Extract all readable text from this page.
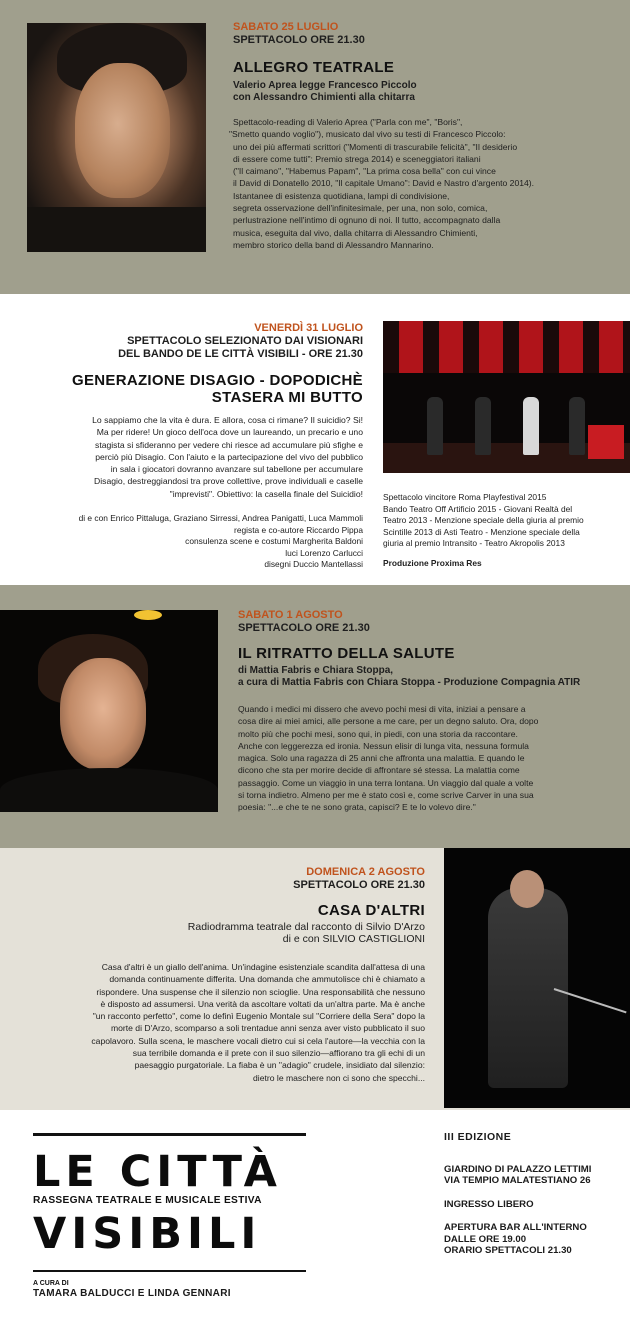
SABATO 25 LUGLIO
SPETTACOLO ORE 21.30
ALLEGRO TEATRALE
Valerio Aprea legge Francesco Piccolo
con Alessandro Chimienti alla chitarra
Spettacolo-reading di Valerio Aprea ("Parla con me", "Boris",
"Smetto quando voglio"), musicato dal vivo su testi di Francesco Piccolo:
uno dei più affermati scrittori ("Momenti di trascurabile felicità", "Il desiderio
di essere come tutti": Premio strega 2014) e sceneggiatori italiani
("Il caimano", "Habemus Papam", "La prima cosa bella" con cui vince
il David di Donatello 2010, "Il capitale Umano": David e Nastro d'argento 2014).
Istantanee di esistenza quotidiana, lampi di condivisione,
segreta osservazione dell'infinitesimale, per una, non solo, comica,
perlustrazione nell'intimo di ognuno di noi. Il tutto, accompagnato dalla
musica, eseguita dal vivo, dalla chitarra di Alessandro Chimienti,
membro storico della band di Alessandro Mannarino.
VENERDÌ 31 LUGLIO
SPETTACOLO SELEZIONATO DAI VISIONARI
DEL BANDO DE LE CITTÀ VISIBILI - ORE 21.30
GENERAZIONE DISAGIO - DOPODICHÈ
STASERA MI BUTTO
Lo sappiamo che la vita è dura. E allora, cosa ci rimane? Il suicidio? Si!
Ma per ridere! Un gioco dell'oca dove un laureando, un precario e uno
stagista si sfideranno per vedere chi riesce ad accumulare più sfighe e
perciò più Disagio. Con l'aiuto e la partecipazione del vivo del pubblico
in sala i giocatori dovranno avanzare sul tabellone per accumulare
Disagio, destreggiandosi tra prove collettive, prove individuali e caselle
"imprevisti". Obiettivo: la casella finale del Suicidio!
di e con Enrico Pittaluga, Graziano Sirressi, Andrea Panigatti, Luca Mammoli
regista e co-autore Riccardo Pippa
consulenza scene e costumi Margherita Baldoni
luci Lorenzo Carlucci
disegni Duccio Mantellassi
Spettacolo vincitore Roma Playfestival 2015
Bando Teatro Off Artificio 2015 - Giovani Realtà del
Teatro 2013 - Menzione speciale della giuria al premio
Scintille 2013 di Asti Teatro - Menzione speciale della
giuria al premio Intransito - Teatro Akropolis 2013
Produzione Proxima Res
SABATO 1 AGOSTO
SPETTACOLO ORE 21.30
IL RITRATTO DELLA SALUTE
di Mattia Fabris e Chiara Stoppa,
a cura di Mattia Fabris con Chiara Stoppa - Produzione Compagnia ATIR
Quando i medici mi dissero che avevo pochi mesi di vita, iniziai a pensare a
cosa dire ai miei amici, alle persone a me care, per un degno saluto. Ora, dopo
molto più che pochi mesi, sono qui, in piedi, con una storia da raccontare.
Anche con leggerezza ed ironia. Nessun elisir di lunga vita, nessuna formula
magica. Solo una ragazza di 25 anni che affronta una malattia. E quando le
dicono che sta per morire decide di affrontare sé stessa. La malattia come
passaggio. Come un viaggio in una terra lontana. Un viaggio dal quale a volte
si torna indietro. Almeno per me è stato così e, come scrive Carver in una sua
poesia: "...e che te ne sono grata, capisci? E te lo volevo dire."
DOMENICA 2 AGOSTO
SPETTACOLO ORE 21.30
CASA D'ALTRI
Radiodramma teatrale dal racconto di Silvio D'Arzo
di e con SILVIO CASTIGLIONI
Casa d'altri è un giallo dell'anima. Un'indagine esistenziale scandita dall'attesa di una
domanda continuamente differita. Una domanda che ammutolisce chi è chiamato a
rispondere. Una suspense che il silenzio non scioglie. Una responsabilità che nessuno
è disposto ad assumersi. Una verità da ascoltare voltati da un'altra parte. Ma è anche
"un racconto perfetto", come lo definì Eugenio Montale sul "Corriere della Sera" dopo la
morte di D'Arzo, scomparso a soli trentadue anni senza aver visto pubblicato il suo
capolavoro. Sulla scena, le maschere vocali dietro cui si cela l'autore—la vecchia con la
sua terribile domanda e il prete con il suo silenzio—affiorano tra gli echi di un
paesaggio purgatoriale. La fiaba è un "adagio" crudele, insidiato dal silenzio:
dietro le maschere non ci sono che specchi...
LE CITTÀ
RASSEGNA TEATRALE E MUSICALE ESTIVA
VISIBILI
A CURA DI
TAMARA BALDUCCI E LINDA GENNARI
III EDIZIONE
GIARDINO DI PALAZZO LETTIMI
VIA TEMPIO MALATESTIANO 26
INGRESSO LIBERO
APERTURA BAR ALL'INTERNO
DALLE ORE 19.00
ORARIO SPETTACOLI 21.30
